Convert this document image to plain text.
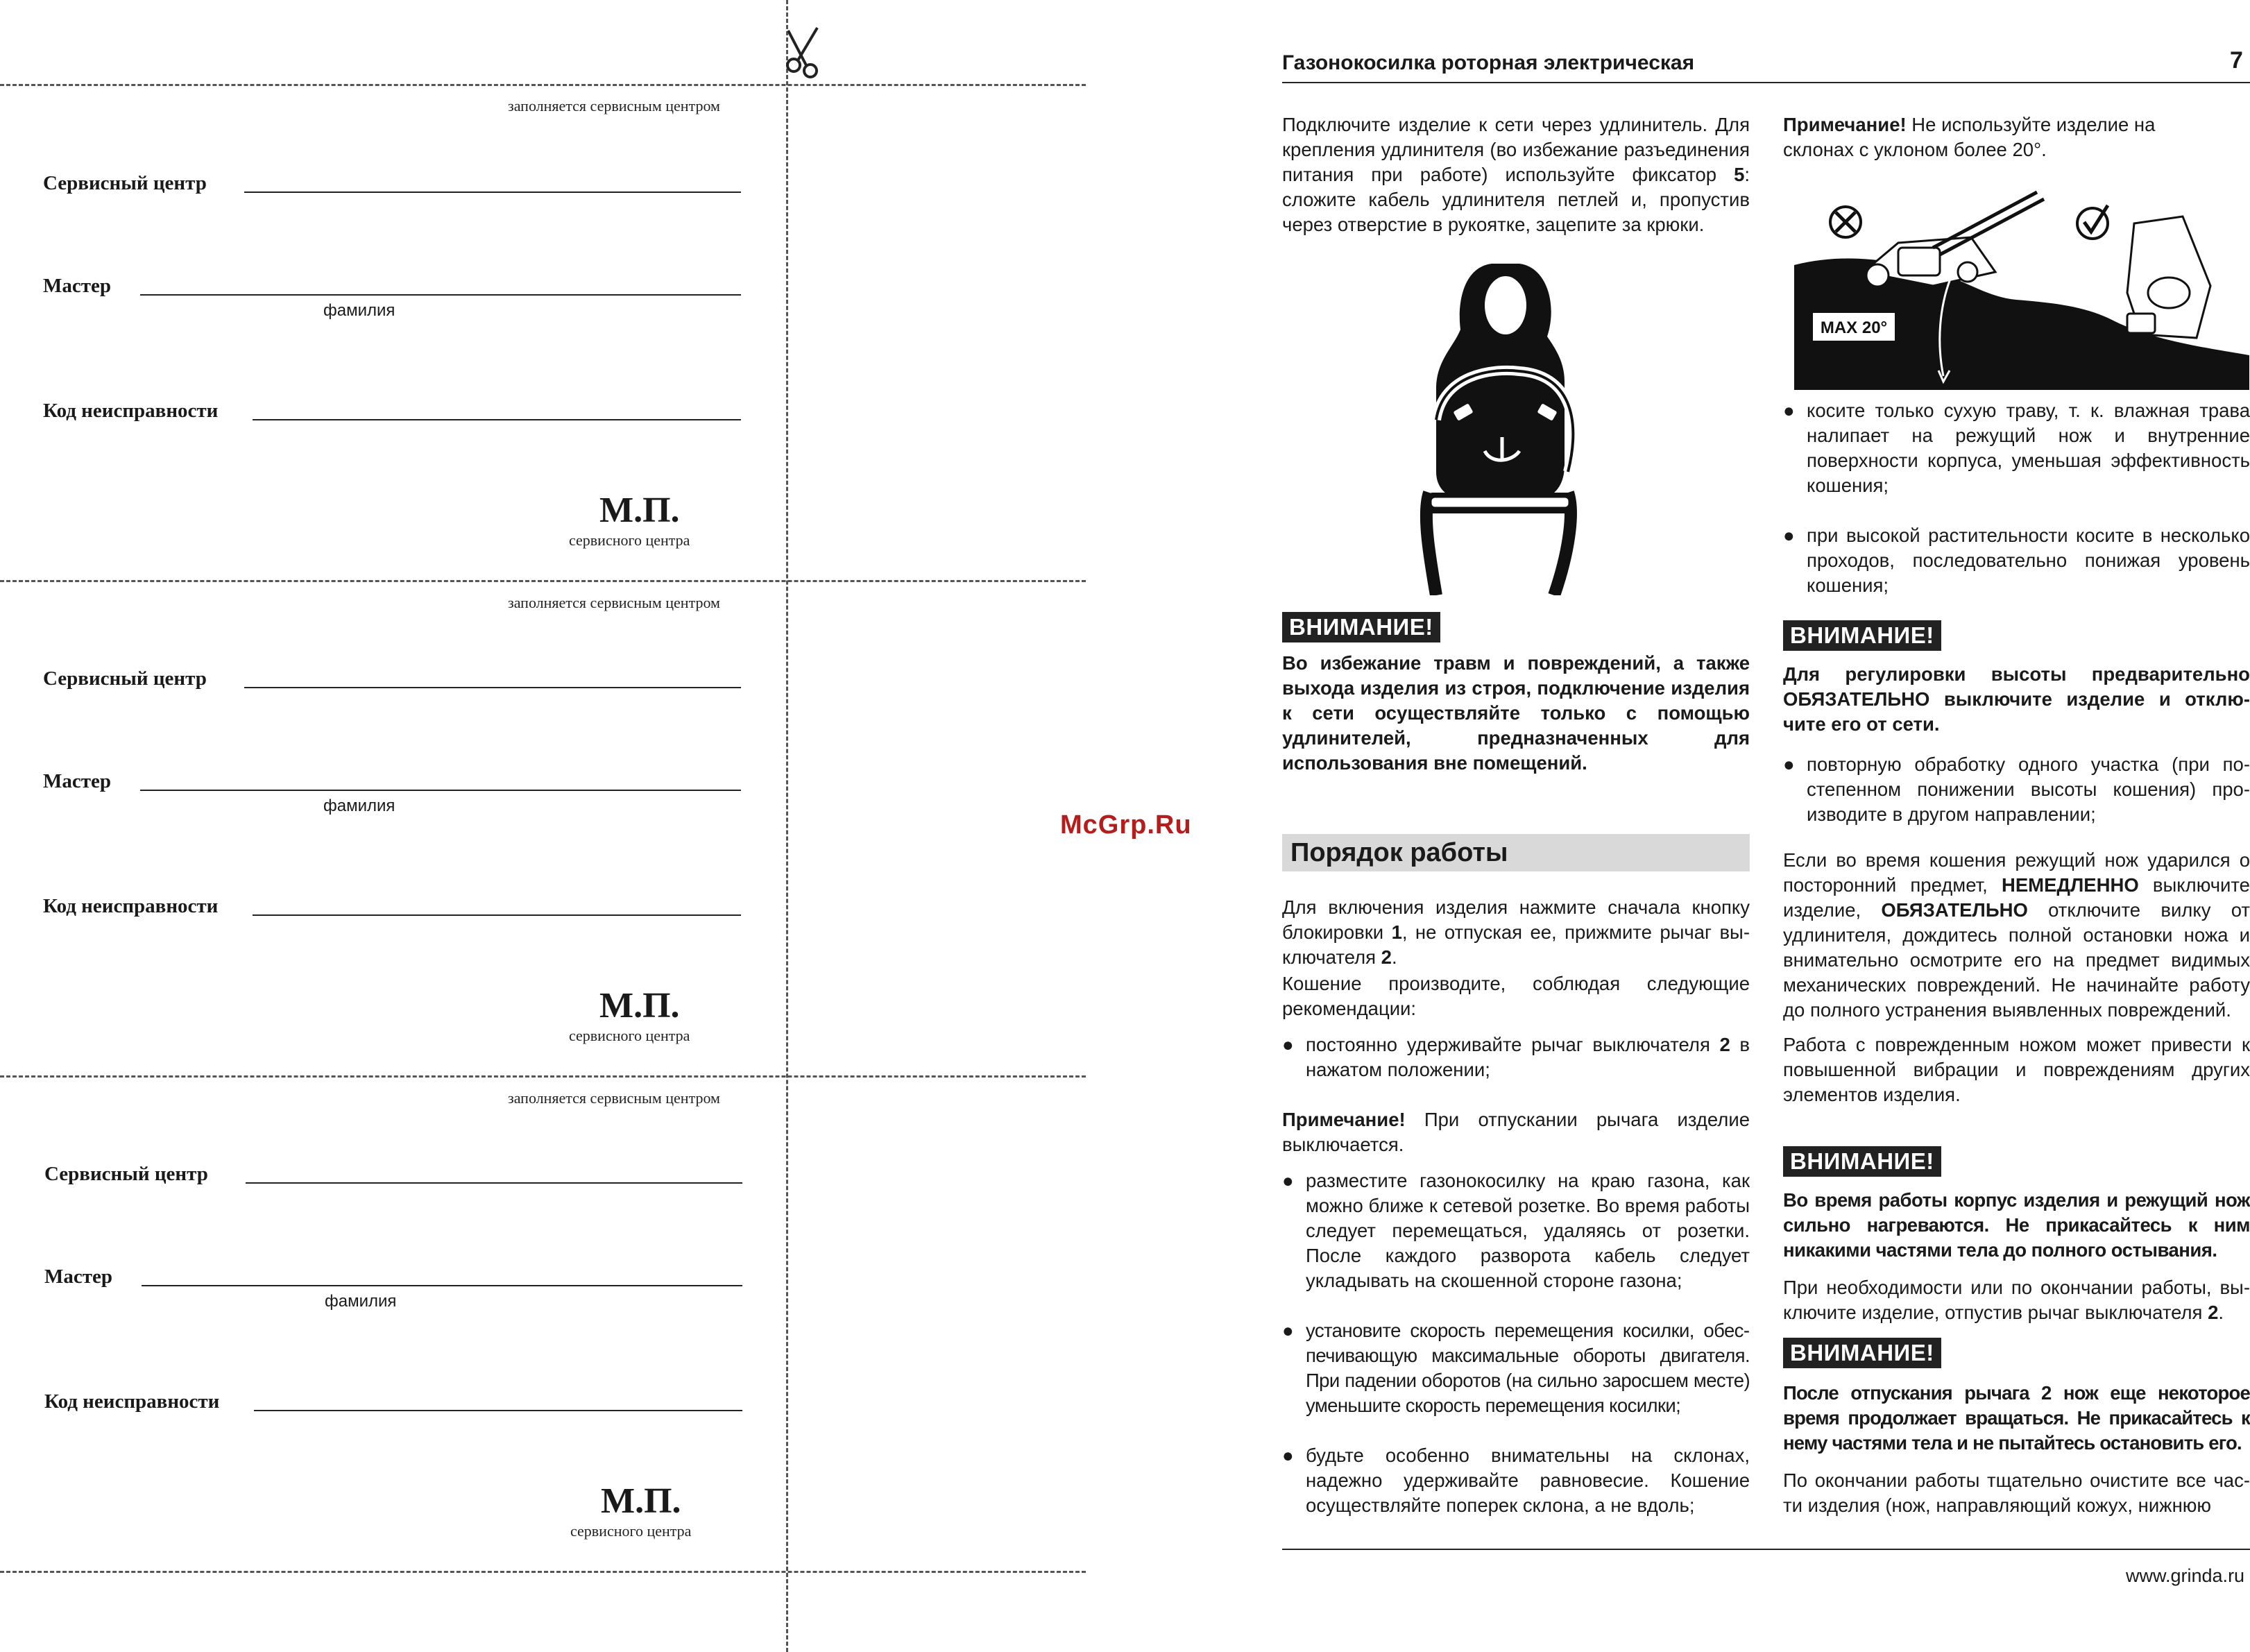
заполняется сервисным центром
Сервисный центр
Мастер
фамилия
Код неисправности
М.П.
сервисного центра
заполняется сервисным центром
Сервисный центр
Мастер
фамилия
Код неисправности
М.П.
сервисного центра
заполняется сервисным центром
Сервисный центр
Мастер
фамилия
Код неисправности
М.П.
сервисного центра
McGrp.Ru
Газонокосилка роторная электрическая	7
Подключите изделие к сети через удлинитель. Для крепления удлинителя (во избежание разъединения питания при работе) используйте фиксатор 5: сложите кабель удлинителя петлей и, пропустив через отверстие в рукоятке, зацепите за крюки.
ВНИМАНИЕ!
Во избежание травм и повреждений, а также выхода изделия из строя, подключение изделия к сети осуществляйте только с помощью удлинителей, предназначенных для использования вне помещений.
Порядок работы

Для включения изделия нажмите сначала кнопку блокировки 1, не отпуская ее, прижмите рычаг выключателя 2.

Кошение производите, соблюдая следующие рекомендации:

● постоянно удерживайте рычаг выключателя 2 в нажатом положении;

Примечание! При отпускании рычага изделие выключается.

● разместите газонокосилку на краю газона, как можно ближе к сетевой розетке. Во время работы следует перемещаться, удаляясь от розетки. После каждого разворота кабель следует укладывать на скошенной стороне газона;
● установите скорость перемещения косилки, обеспечивающую максимальные обороты двигателя. При падении оборотов (на сильно заросшем месте) уменьшите скорость перемещения косилки;
● будьте особенно внимательны на склонах, надежно удерживайте равновесие. Кошение осуществляйте поперек склона, а не вдоль;
Примечание! Не используйте изделие на склонах с уклоном более 20°.
MAX 20°
● косите только сухую траву, т. к. влажная трава налипает на режущий нож и внутренние поверхности корпуса, уменьшая эффективность кошения;
● при высокой растительности косите в несколько проходов, последовательно понижая уровень кошения;
ВНИМАНИЕ!
Для регулировки высоты предварительно ОБЯЗАТЕЛЬНО выключите изделие и отключите его от сети.
● повторную обработку одного участка (при постепенном понижении высоты кошения) производите в другом направлении;

Если во время кошения режущий нож ударился о посторонний предмет, НЕМЕДЛЕННО выключите изделие, ОБЯЗАТЕЛЬНО отключите вилку от удлинителя, дождитесь полной остановки ножа и внимательно осмотрите его на предмет видимых механических повреждений. Не начинайте работу до полного устранения выявленных повреждений.

Работа с поврежденным ножом может привести к повышенной вибрации и повреждениям других элементов изделия.

ВНИМАНИЕ!
Во время работы корпус изделия и режущий нож сильно нагреваются. Не прикасайтесь к ним никакими частями тела до полного остывания.
При необходимости или по окончании работы, выключите изделие, отпустив рычаг выключателя 2.
ВНИМАНИЕ!
После отпускания рычага 2 нож еще некоторое время продолжает вращаться. Не прикасайтесь к нему частями тела и не пытайтесь остановить его.
По окончании работы тщательно очистите все части изделия (нож, направляющий кожух, нижнюю
www.grinda.ru
